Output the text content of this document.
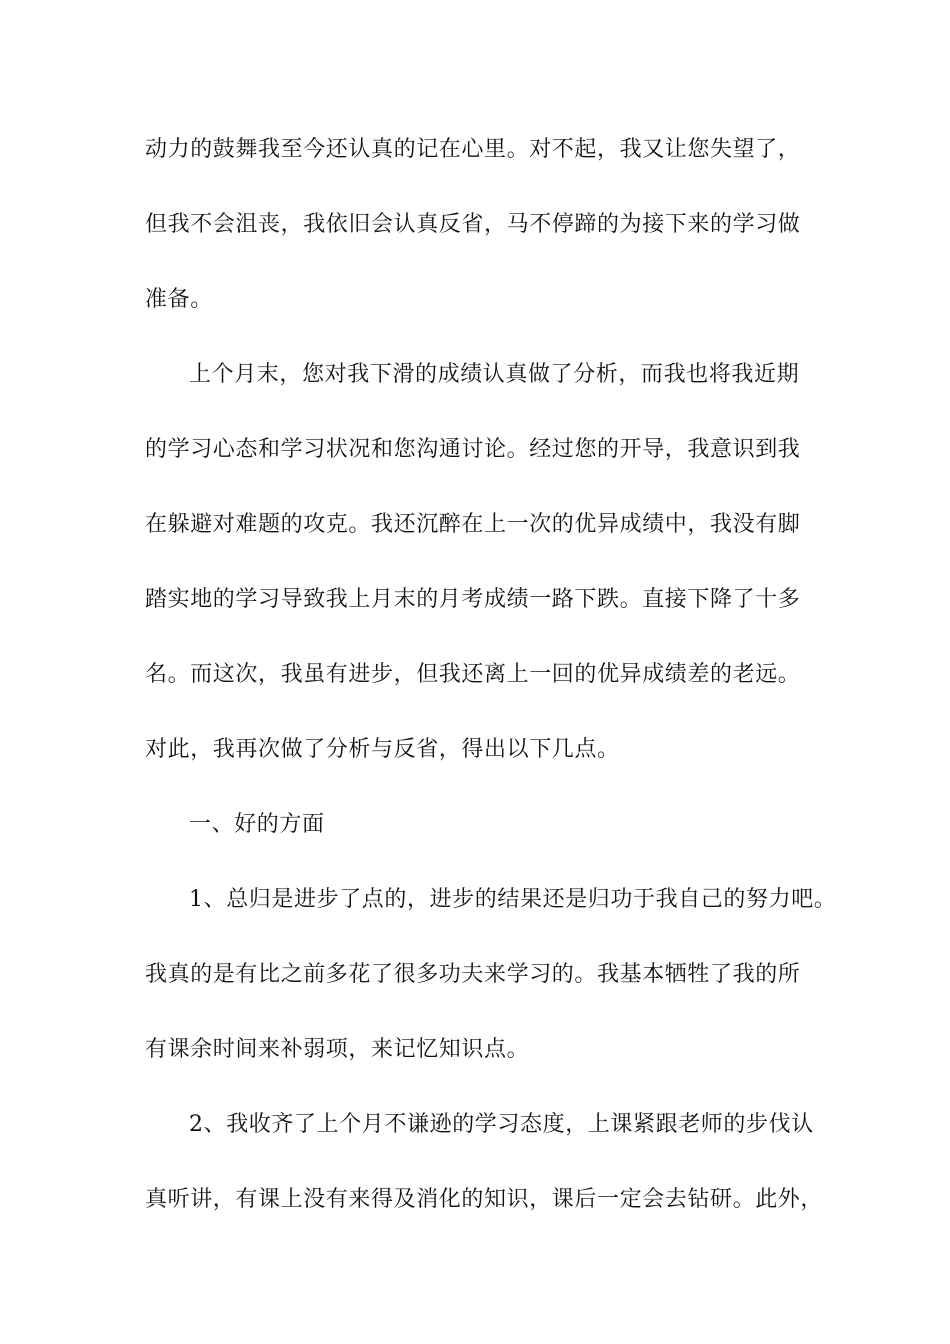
动力的鼓舞我至今还认真的记在心里。对不起，我又让您失望了，
但我不会沮丧，我依旧会认真反省，马不停蹄的为接下来的学习做
准备。
上个月末，您对我下滑的成绩认真做了分析，而我也将我近期
的学习心态和学习状况和您沟通讨论。经过您的开导，我意识到我
在躲避对难题的攻克。我还沉醉在上一次的优异成绩中，我没有脚
踏实地的学习导致我上月末的月考成绩一路下跌。直接下降了十多
名。而这次，我虽有进步，但我还离上一回的优异成绩差的老远。
对此，我再次做了分析与反省，得出以下几点。
一、好的方面
1、总归是进步了点的，进步的结果还是归功于我自己的努力吧。
我真的是有比之前多花了很多功夫来学习的。我基本牺牲了我的所
有课余时间来补弱项，来记忆知识点。
2、我收齐了上个月不谦逊的学习态度，上课紧跟老师的步伐认
真听讲，有课上没有来得及消化的知识，课后一定会去钻研。此外，
